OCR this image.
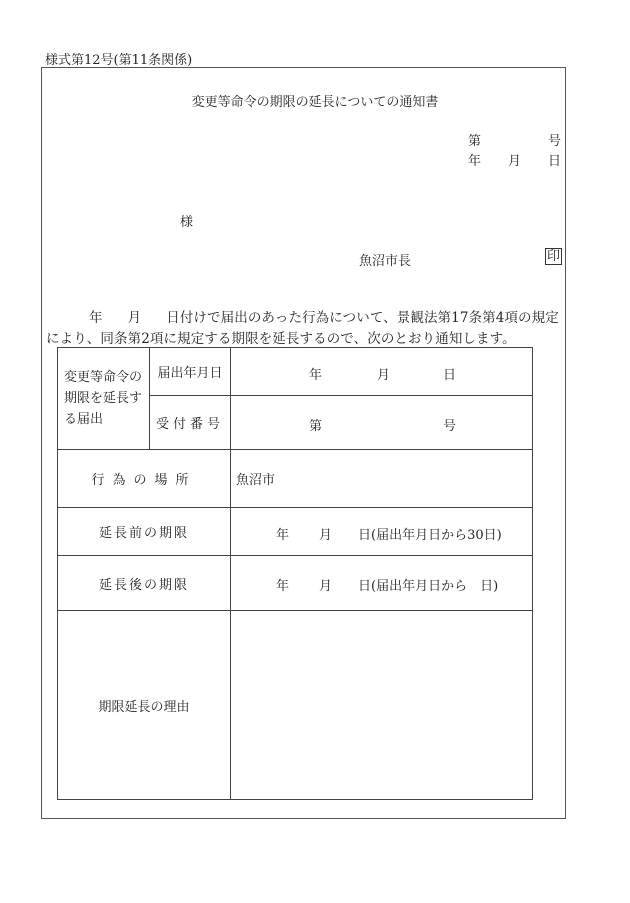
様式第12号(第11条関係)
変更等命令の期限の延長についての通知書
第	号
年 月 日
様
魚沼市長	印
年 月 日付けで届出のあった行為について、景観法第17条第4項の規定により、同条第2項に規定する期限を延長するので、次のとおり通知します。
変更等命令の期限を延長する届出	届出年月日	年 月 日

	受付番号	第 号

行為の場所		魚沼市
延長前の期限		年 月 日(届出年月日から30日)

延長後の期限		年 月 日(届出年月日から　日)

期限延長の理由		
